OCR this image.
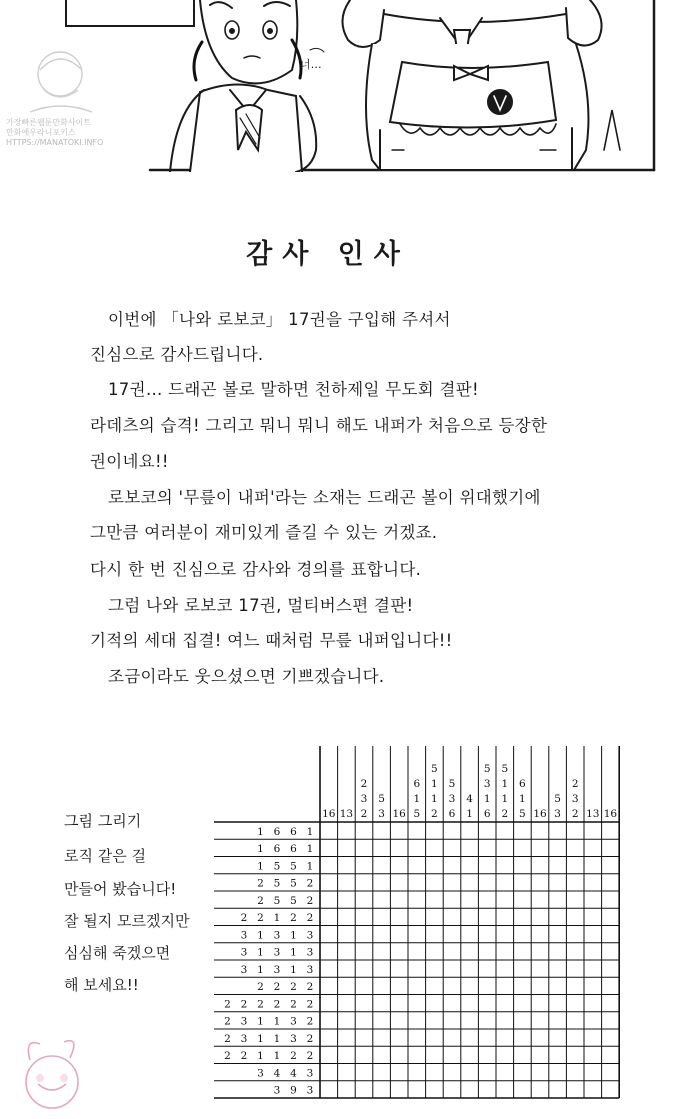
너…
가장빠른웹툰만화사이트
만화에우라니포키스
HTTPS://MANATOKI.INFO
감사 인사
이번에 「나와 로보코」 17권을 구입해 주셔서
진심으로 감사드립니다.
17권… 드래곤 볼로 말하면 천하제일 무도회 결판!
라데츠의 습격! 그리고 뭐니 뭐니 해도 내퍼가 처음으로 등장한
권이네요!!
로보코의 '무릎이 내퍼'라는 소재는 드래곤 볼이 위대했기에
그만큼 여러분이 재미있게 즐길 수 있는 거겠죠.
다시 한 번 진심으로 감사와 경의를 표합니다.
그럼 나와 로보코 17권, 멀티버스편 결판!
기적의 세대 집결! 여느 때처럼 무릎 내퍼입니다!!
조금이라도 웃으셨으면 기쁘겠습니다.
그림 그리기
로직 같은 걸
만들어 봤습니다!
잘 될지 모르겠지만
심심해 죽겠으면
해 보세요!!
16 13
2
3
2
5
3 16
6
1
5
5
1
1
2
5
3
6
4
1
5
3
1
6
5
1
1
2
6
1
5 16
5
3
2
3
2 13 16
1 6 6 1
1 6 6 1
1 5 5 1
2 5 5 2
2 5 5 2
2 2 1 2 2
3 1 3 1 3
3 1 3 1 3
3 1 3 1 3
2 2 2 2
2 2 2 2 2 2
2 3 1 1 3 2
2 3 1 1 3 2
2 2 1 1 2 2
3 4 4 3
3 9 3
